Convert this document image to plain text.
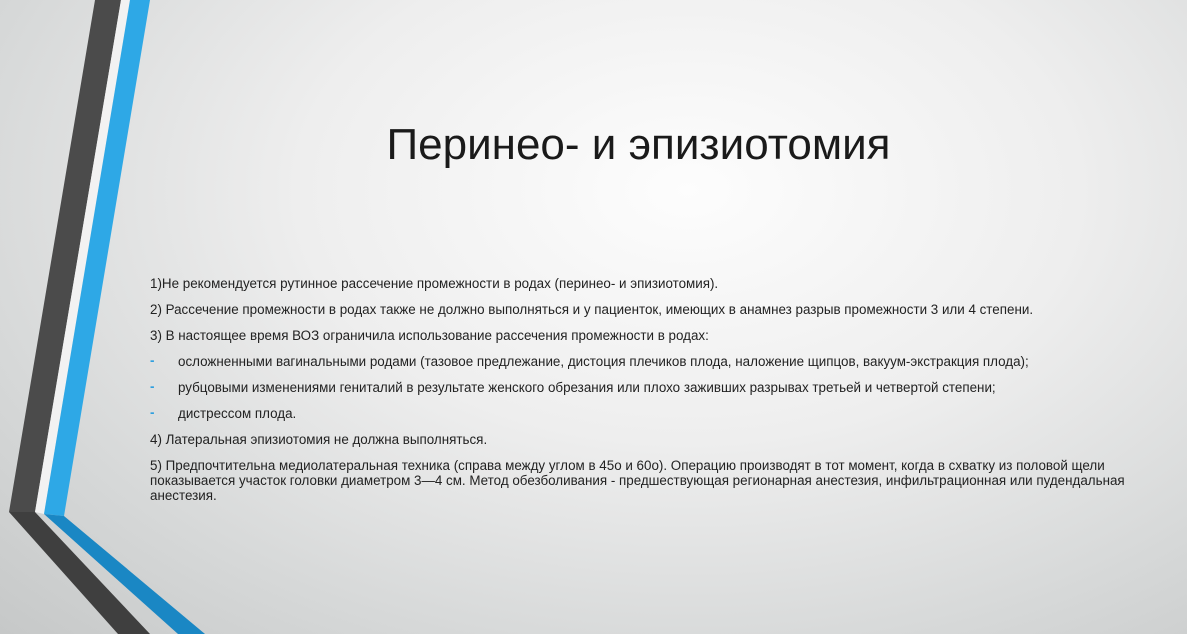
Перинео- и эпизиотомия

1)Не рекомендуется рутинное рассечение промежности в родах (перинео- и эпизиотомия).

2) Рассечение промежности в родах также не должно выполняться и у пациенток, имеющих в анамнез разрыв промежности 3 или 4 степени.

3) В настоящее время ВОЗ ограничила использование рассечения промежности в родах:

- осложненными вагинальными родами (тазовое предлежание, дистоция плечиков плода, наложение щипцов, вакуум-экстракция плода);
- рубцовыми изменениями гениталий в результате женского обрезания или плохо заживших разрывах третьей и четвертой степени;
- дистрессом плода.

4) Латеральная эпизиотомия не должна выполняться.

5) Предпочтительна медиолатеральная техника (справа между углом в 45о и 60о). Операцию производят в тот момент, когда в схватку из половой щели показывается участок головки диаметром 3—4 см. Метод обезболивания - предшествующая регионарная анестезия, инфильтрационная или пудендальная анестезия.
